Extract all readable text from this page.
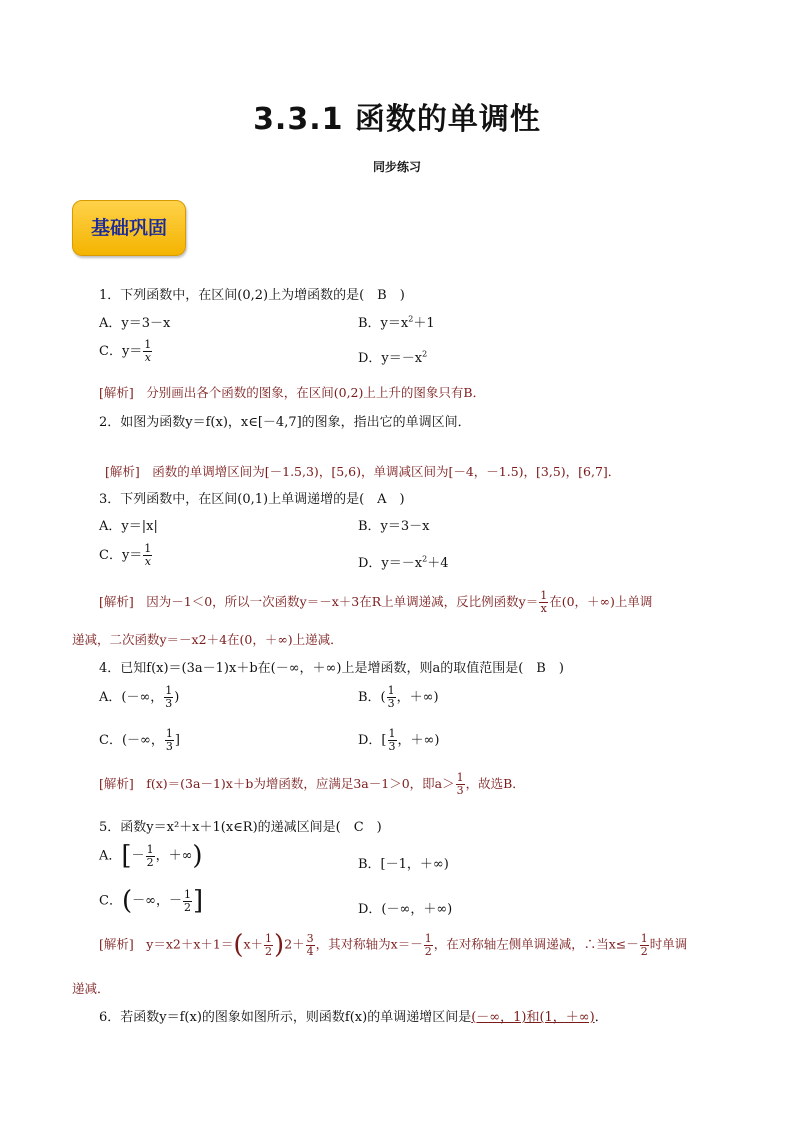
3.3.1 函数的单调性
同步练习
基础巩固
1．下列函数中，在区间(0,2)上为增函数的是(　B　)
A．y＝3－x	B．$y=x^2+1$
C．$y= \frac{1}{x}$	D．$y=-x^2$
[解析]　分别画出各个函数的图象，在区间(0,2)上上升的图象只有B．
2．如图为函数y＝f(x)，x∈[－4,7]的图象，指出它的单调区间．
[解析]　函数的单调增区间为[－1.5,3)，[5,6)，单调减区间为[－4，－1.5)，[3,5)，[6,7]．
3．下列函数中，在区间(0,1)上单调递增的是(　A　)
A．y＝|x|	B．y＝3－x
C．$y= \frac{1}{x}$	D．$y=-x^2+4$
[解析]　因为－1＜0，所以一次函数y＝－x＋3在R上单调递减，反比例函数$y= \frac{1}{x}$ 在(0，＋∞)上单调
递减，二次函数y＝－x2＋4在(0，＋∞)上递减．
4．已知f(x)＝(3a－1)x＋b在(－∞，＋∞)上是增函数，则a的取值范围是(　B　)
A．(－∞， $\frac{1}{3}$ )	B．( $\frac{1}{3}$ ，＋∞)
C．(－∞， $\frac{1}{3}$ ]	D．[ $\frac{1}{3}$ ，＋∞)
[解析]　f(x)＝(3a－1)x＋b为增函数，应满足3a－1＞0，即$a> \frac{1}{3}$ ，故选B．
5．函数y＝x²＋x＋1(x∈R)的递减区间是(　C　)
A．[－ $\frac{1}{2}$ ，＋∞)	B．[－1，＋∞)
C．(－∞，－ $\frac{1}{2}$ ]	D．(－∞，＋∞)
[解析]　$y=x2+x+1=(x+ \frac{1}{2} )2+ \frac{3}{4}$ ，其对称轴为$x=- \frac{1}{2}$ ，在对称轴左侧单调递减，∴当$x\le- \frac{1}{2}$ 时单调
递减．
6．若函数y＝f(x)的图象如图所示，则函数f(x)的单调递增区间是(－∞，1)和(1，＋∞)．
